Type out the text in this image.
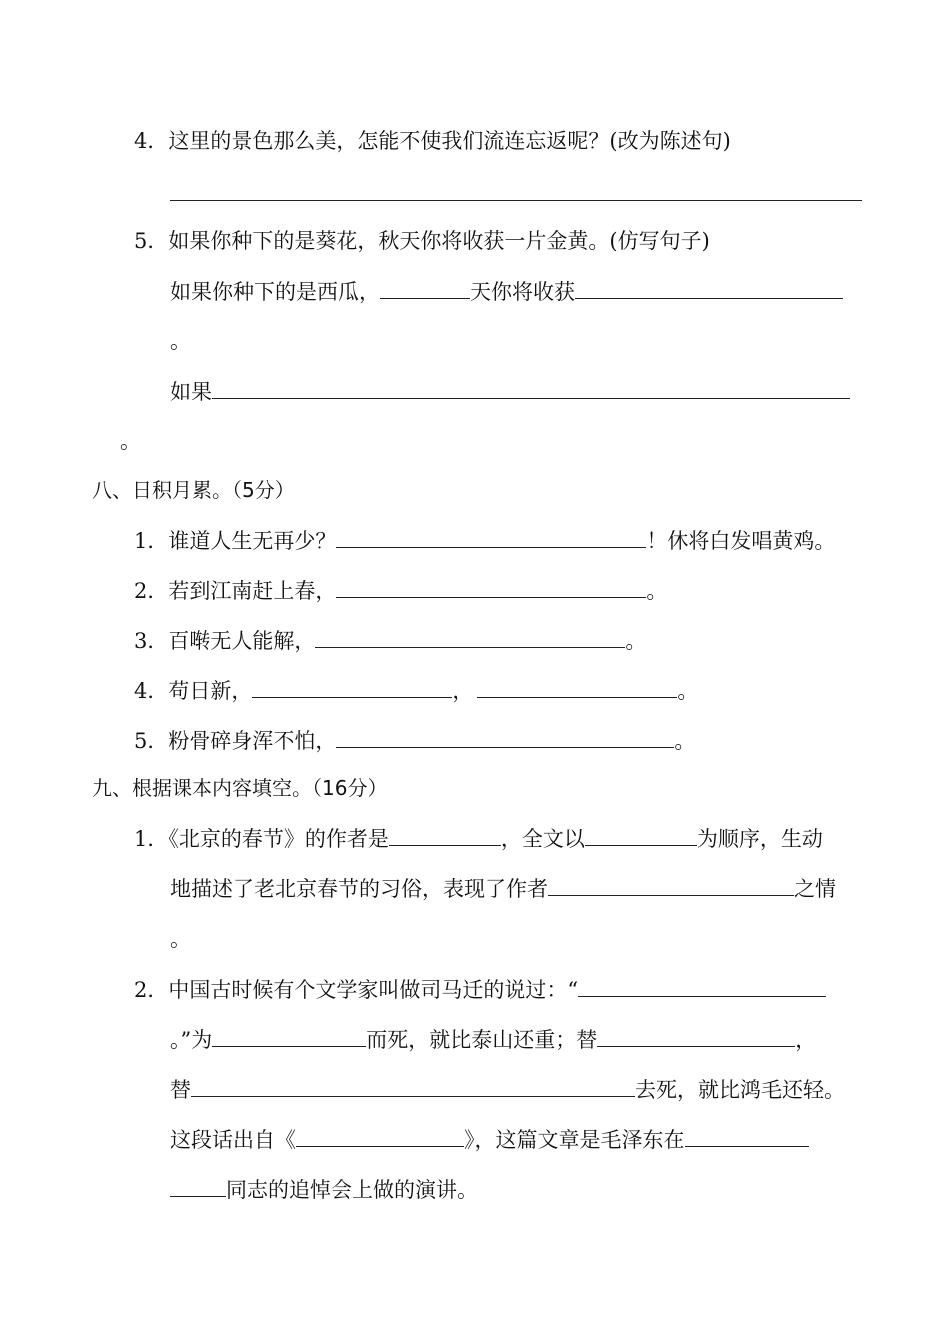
4．这里的景色那么美，怎能不使我们流连忘返呢？(改为陈述句)
5．如果你种下的是葵花，秋天你将收获一片金黄。(仿写句子)
如果你种下的是西瓜，	天你将收获
。
如果
。
八、日积月累。（5分）
1．谁道人生无再少？	！休将白发唱黄鸡。
2．若到江南赶上春，	。
3．百啭无人能解，	。
4．苟日新，	，	。
5．粉骨碎身浑不怕，	。
九、根据课本内容填空。（16分）
1．《北京的春节》的作者是	，全文以	为顺序，生动
地描述了老北京春节的习俗，表现了作者	之情
。
2．中国古时候有个文学家叫做司马迁的说过：“
。”为	而死，就比泰山还重；替	，
替	去死，就比鸿毛还轻。
这段话出自《	》，这篇文章是毛泽东在
同志的追悼会上做的演讲。
